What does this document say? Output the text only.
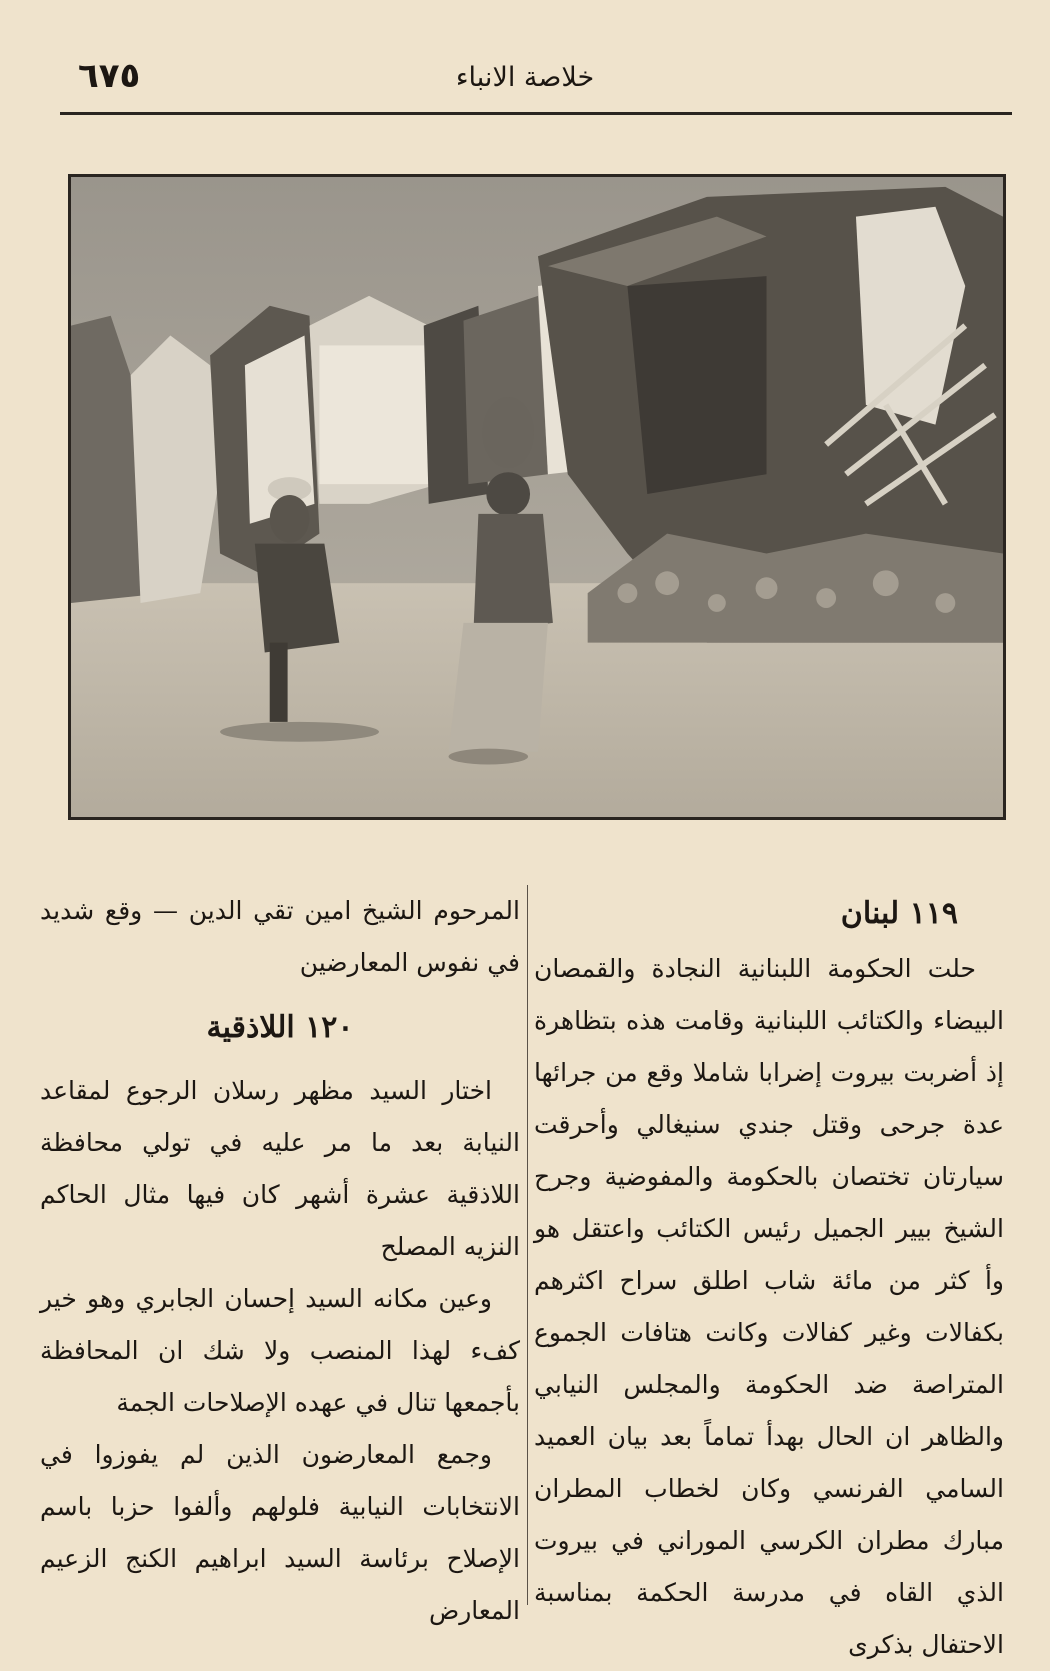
٦٧٥	خلاصة الانباء
١١٩ لبنان

حلت الحكومة اللبنانية النجادة والقمصان البيضاء والكتائب اللبنانية وقامت هذه بتظاهرة إذ أضربت بيروت إضرابا شاملا وقع من جرائها عدة جرحى وقتل جندي سنيغالي وأحرقت سيارتان تختصان بالحكومة والمفوضية وجرح الشيخ بيير الجميل رئيس الكتائب واعتقل هو وأ كثر من مائة شاب اطلق سراح اكثرهم بكفالات وغير كفالات وكانت هتافات الجموع المتراصة ضد الحكومة والمجلس النيابي والظاهر ان الحال بهدأ تماماً بعد بيان العميد السامي الفرنسي وكان لخطاب المطران مبارك مطران الكرسي الموراني في بيروت الذي القاه في مدرسة الحكمة بمناسبة الاحتفال بذكرى

المرحوم الشيخ امين تقي الدين — وقع شديد في نفوس المعارضين

١٢٠ اللاذقية

اختار السيد مظهر رسلان الرجوع لمقاعد النيابة بعد ما مر عليه في تولي محافظة اللاذقية عشرة أشهر كان فيها مثال الحاكم النزيه المصلح

وعين مكانه السيد إحسان الجابري وهو خير كفء لهذا المنصب ولا شك ان المحافظة بأجمعها تنال في عهده الإصلاحات الجمة

وجمع المعارضون الذين لم يفوزوا في الانتخابات النيابية فلولهم وألفوا حزبا باسم الإصلاح برئاسة السيد ابراهيم الكنج الزعيم المعارض
